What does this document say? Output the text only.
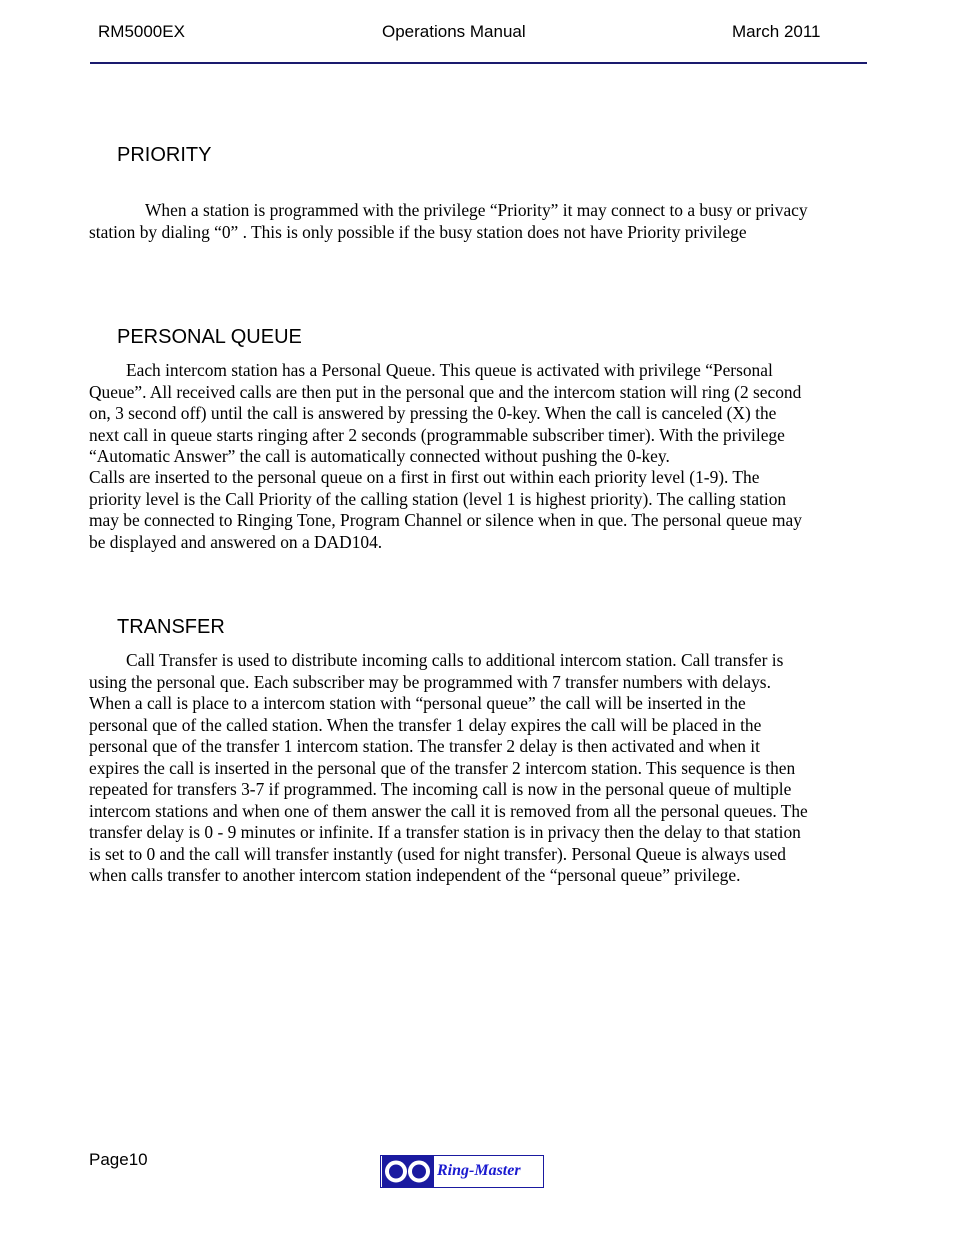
RM5000EX	Operations Manual	March 2011
PRIORITY
When a station is programmed with the privilege “Priority” it may connect to a busy or privacy
station by dialing “0” . This is only possible if the busy station does not have Priority privilege
PERSONAL QUEUE
Each intercom station has a Personal Queue. This queue is activated with privilege “Personal
Queue”. All received calls are then put in the personal que and the intercom station will ring (2 second
on, 3 second off) until the call is answered by pressing the 0-key. When the call is canceled (X) the
next call in queue starts ringing after 2 seconds (programmable subscriber timer). With the privilege
“Automatic Answer” the call is automatically connected without pushing the 0-key.
Calls are inserted to the personal queue on a first in first out within each priority level (1-9). The
priority level is the Call Priority of the calling station (level 1 is highest priority). The calling station
may be connected to Ringing Tone, Program Channel or silence when in que. The personal queue may
be displayed and answered on a DAD104.
TRANSFER
Call Transfer is used to distribute incoming calls to additional intercom station. Call transfer is
using the personal que. Each subscriber may be programmed with 7 transfer numbers with delays.
When a call is place to a intercom station with “personal queue” the call will be inserted in the
personal que of the called station. When the transfer 1 delay expires the call will be placed in the
personal que of the transfer 1 intercom station. The transfer 2 delay is then activated and when it
expires the call is inserted in the personal que of the transfer 2 intercom station. This sequence is then
repeated for transfers 3-7 if programmed. The incoming call is now in the personal queue of multiple
intercom stations and when one of them answer the call it is removed from all the personal queues. The
transfer delay is 0 - 9 minutes or infinite. If a transfer station is in privacy then the delay to that station
is set to 0 and the call will transfer instantly (used for night transfer). Personal Queue is always used
when calls transfer to another intercom station independent of the “personal queue” privilege.
Page10
Ring-Master
